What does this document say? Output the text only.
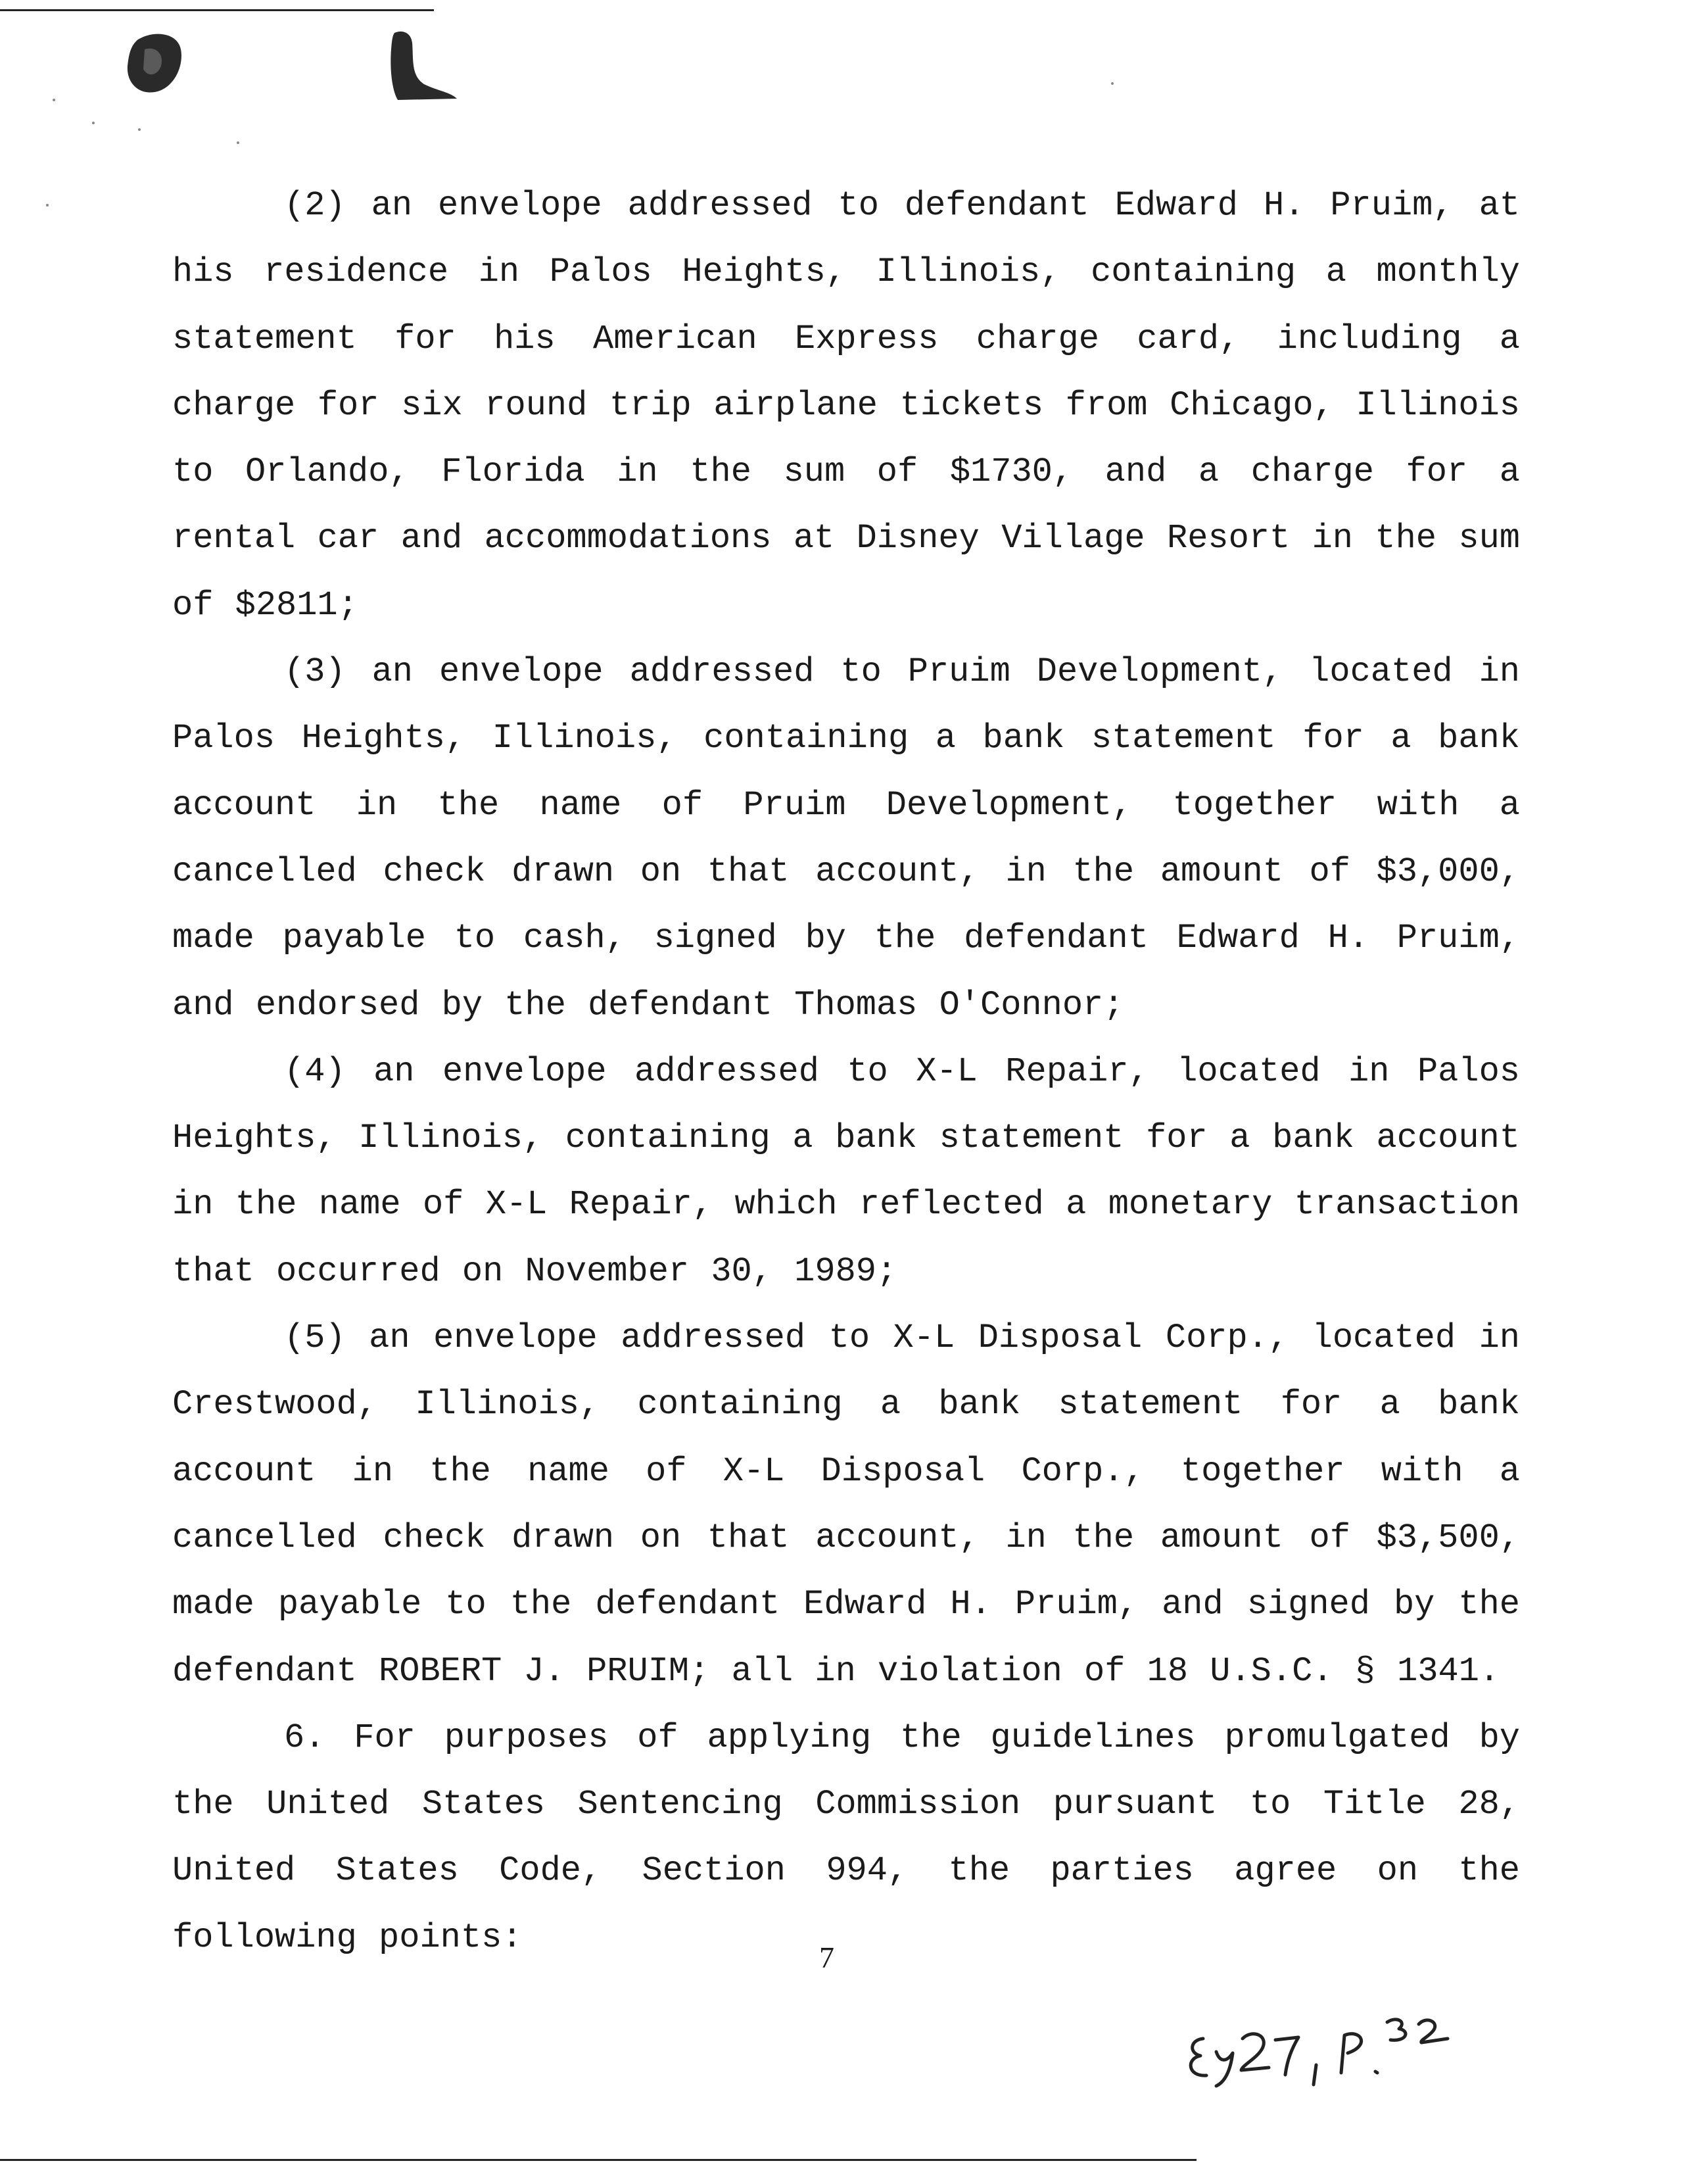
(2) an envelope addressed to defendant Edward H. Pruim, at his residence in Palos Heights, Illinois, containing a monthly statement for his American Express charge card, including a charge for six round trip airplane tickets from Chicago, Illinois to Orlando, Florida in the sum of $1730, and a charge for a rental car and accommodations at Disney Village Resort in the sum of $2811;

(3) an envelope addressed to Pruim Development, located in Palos Heights, Illinois, containing a bank statement for a bank account in the name of Pruim Development, together with a cancelled check drawn on that account, in the amount of $3,000, made payable to cash, signed by the defendant Edward H. Pruim, and endorsed by the defendant Thomas O'Connor;

(4) an envelope addressed to X-L Repair, located in Palos Heights, Illinois, containing a bank statement for a bank account in the name of X-L Repair, which reflected a monetary transaction that occurred on November 30, 1989;

(5) an envelope addressed to X-L Disposal Corp., located in Crestwood, Illinois, containing a bank statement for a bank account in the name of X-L Disposal Corp., together with a cancelled check drawn on that account, in the amount of $3,500, made payable to the defendant Edward H. Pruim, and signed by the defendant ROBERT J. PRUIM; all in violation of 18 U.S.C. § 1341.

6. For purposes of applying the guidelines promulgated by the United States Sentencing Commission pursuant to Title 28, United States Code, Section 994, the parties agree on the following points:

7
